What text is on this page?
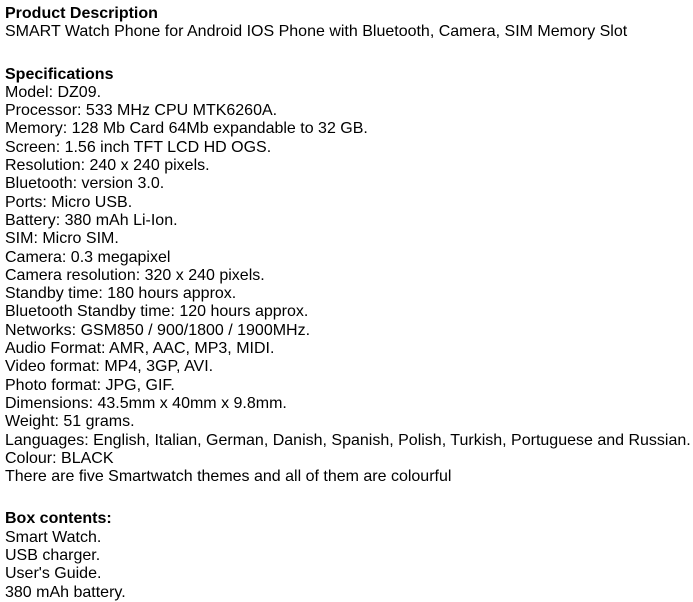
Product Description
SMART Watch Phone for Android IOS Phone with Bluetooth, Camera, SIM Memory Slot
Specifications
Model: DZ09.
Processor: 533 MHz CPU MTK6260A.
Memory: 128 Mb Card 64Mb expandable to 32 GB.
Screen: 1.56 inch TFT LCD HD OGS.
Resolution: 240 x 240 pixels.
Bluetooth: version 3.0.
Ports: Micro USB.
Battery: 380 mAh Li-Ion.
SIM: Micro SIM.
Camera: 0.3 megapixel
Camera resolution: 320 x 240 pixels.
Standby time: 180 hours approx.
Bluetooth Standby time: 120 hours approx.
Networks: GSM850 / 900/1800 / 1900MHz.
Audio Format: AMR, AAC, MP3, MIDI.
Video format: MP4, 3GP, AVI.
Photo format: JPG, GIF.
Dimensions: 43.5mm x 40mm x 9.8mm.
Weight: 51 grams.
Languages: English, Italian, German, Danish, Spanish, Polish, Turkish, Portuguese and Russian.
Colour: BLACK
There are five Smartwatch themes and all of them are colourful
Box contents:
Smart Watch.
USB charger.
User's Guide.
380 mAh battery.
